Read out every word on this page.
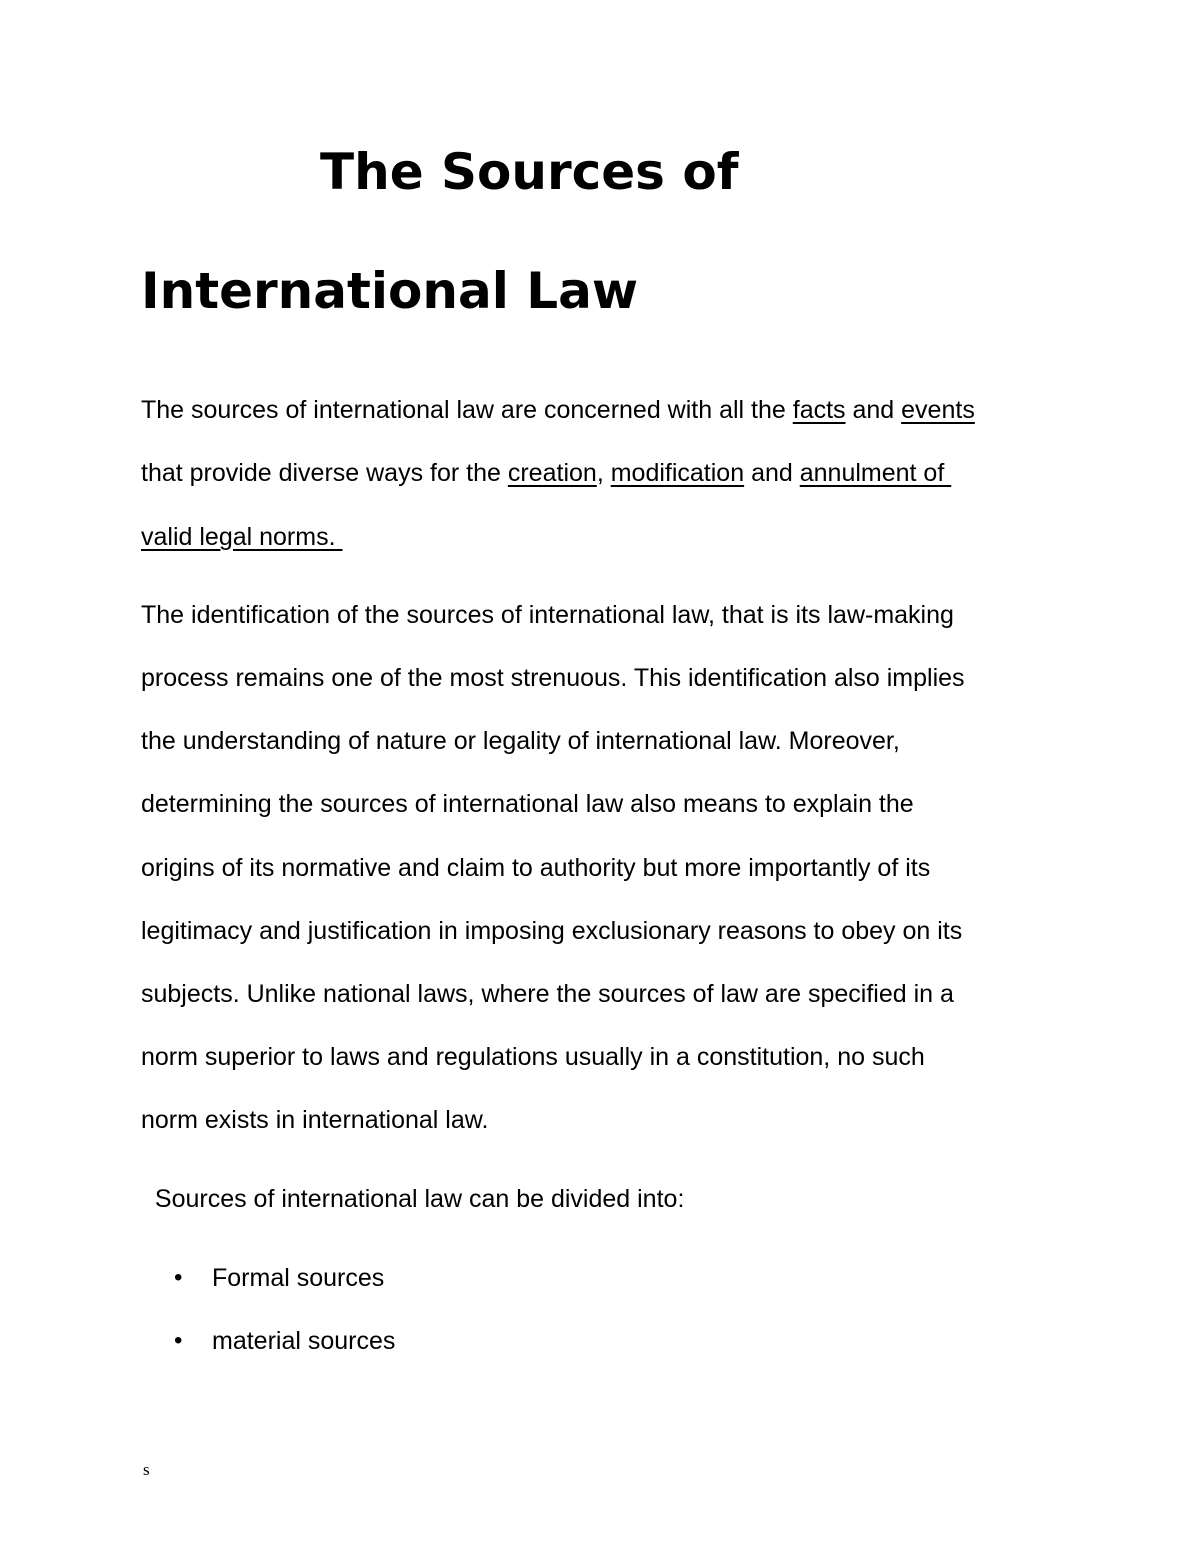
The Sources of
International Law

The sources of international law are concerned with all the facts and events

that provide diverse ways for the creation, modification and annulment of

valid legal norms.

The identification of the sources of international law, that is its law-making

process remains one of the most strenuous. This identification also implies

the understanding of nature or legality of international law. Moreover,

determining the sources of international law also means to explain the

origins of its normative and claim to authority but more importantly of its

legitimacy and justification in imposing exclusionary reasons to obey on its

subjects. Unlike national laws, where the sources of law are specified in a

norm superior to laws and regulations usually in a constitution, no such

norm exists in international law.

Sources of international law can be divided into:

• Formal sources
• material sources
s
